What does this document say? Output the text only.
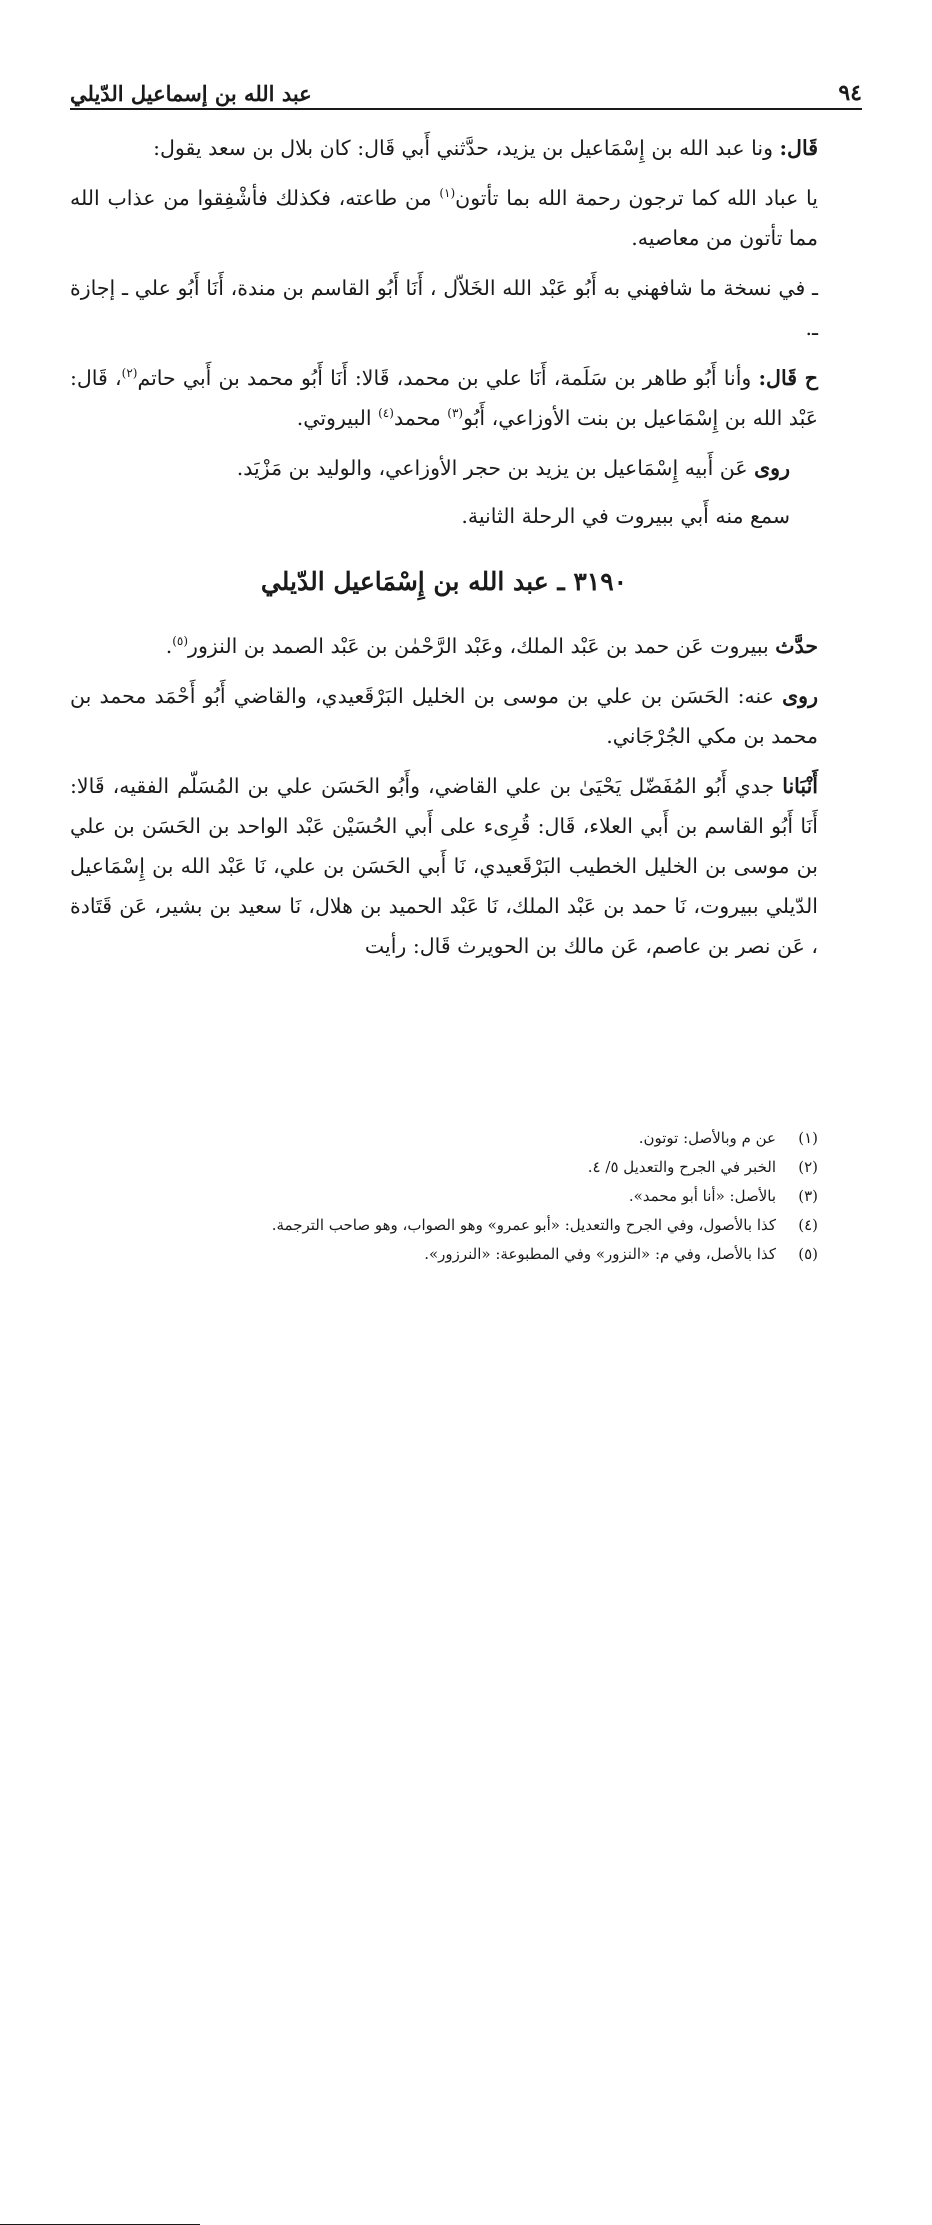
٩٤
عبد الله بن إسماعيل الدّيلي

قَال: ونا عبد الله بن إِسْمَاعيل بن يزيد، حدَّثني أَبي قَال: كان بلال بن سعد يقول:

يا عباد الله كما ترجون رحمة الله بما تأتون$^{(١)}$ من طاعته، فكذلك فأشْفِقوا من عذاب الله مما تأتون من معاصيه.

ـ في نسخة ما شافهني به أَبُو عَبْد الله الخَلاّل ، أَنَا أَبُو القاسم بن مندة، أَنَا أَبُو علي ـ إجازة ـ.

ح قَال: وأنا أَبُو طاهر بن سَلَمة، أَنَا علي بن محمد، قَالا: أَنَا أَبُو محمد بن أَبي حاتم$^{(٢)}$، قَال: عَبْد الله بن إِسْمَاعيل بن بنت الأوزاعي، أَبُو$^{(٣)}$ محمد$^{(٤)}$ البيروتي.

روى عَن أَبيه إِسْمَاعيل بن يزيد بن حجر الأوزاعي، والوليد بن مَزْيَد.

سمع منه أَبي ببيروت في الرحلة الثانية.

٣١٩٠ ـ عبد الله بن إِسْمَاعيل الدّيلي

حدَّث ببيروت عَن حمد بن عَبْد الملك، وعَبْد الرَّحْمٰن بن عَبْد الصمد بن النزور$^{(٥)}$.

روى عنه: الحَسَن بن علي بن موسى بن الخليل البَرْقَعيدي، والقاضي أَبُو أَحْمَد محمد بن محمد بن مكي الجُرْجَاني.

أَنْبَانا جدي أَبُو المُفَضّل يَحْيَىٰ بن علي القاضي، وأَبُو الحَسَن علي بن المُسَلّم الفقيه، قَالا: أَنَا أَبُو القاسم بن أَبي العلاء، قَال: قُرِىء على أَبي الحُسَيْن عَبْد الواحد بن الحَسَن بن علي بن موسى بن الخليل الخطيب البَرْقَعيدي، نَا أَبي الحَسَن بن علي، نَا عَبْد الله بن إِسْمَاعيل الدّيلي ببيروت، نَا حمد بن عَبْد الملك، نَا عَبْد الحميد بن هلال، نَا سعيد بن بشير، عَن قَتَادة ، عَن نصر بن عاصم، عَن مالك بن الحويرث قَال: رأيت

(١)
عن م وبالأصل: توتون.
(٢)
الخبر في الجرح والتعديل ٥/ ٤.
(٣)
بالأصل: «أنا أبو محمد».
(٤)
كذا بالأصول، وفي الجرح والتعديل: «أبو عمرو» وهو الصواب، وهو صاحب الترجمة.
(٥)
كذا بالأصل، وفي م: «النزور» وفي المطبوعة: «النرزور».
